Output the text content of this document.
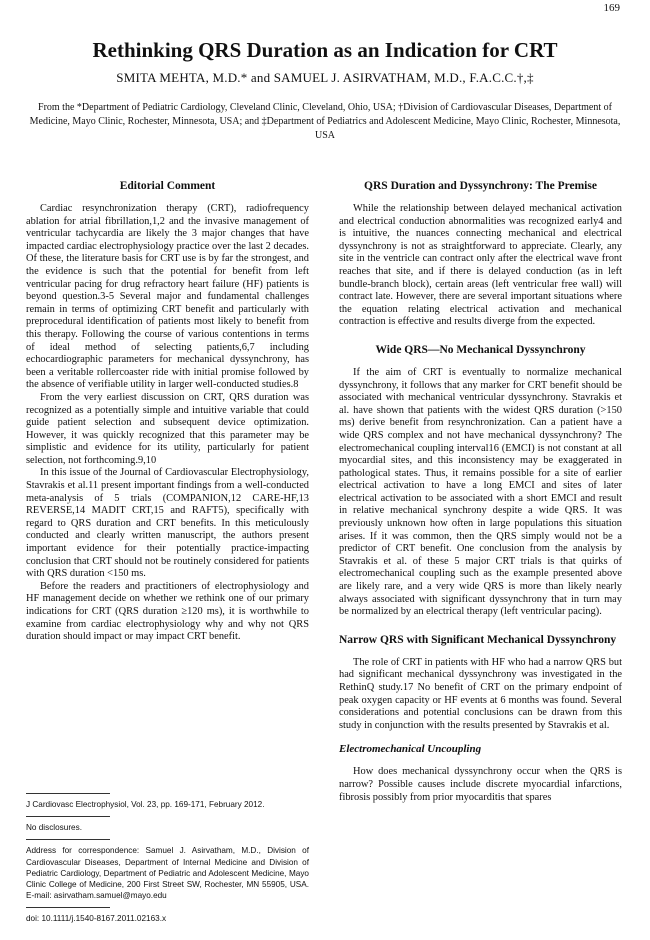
169
Rethinking QRS Duration as an Indication for CRT
SMITA MEHTA, M.D.* and SAMUEL J. ASIRVATHAM, M.D., F.A.C.C.†,‡
From the *Department of Pediatric Cardiology, Cleveland Clinic, Cleveland, Ohio, USA; †Division of Cardiovascular Diseases, Department of Medicine, Mayo Clinic, Rochester, Minnesota, USA; and ‡Department of Pediatrics and Adolescent Medicine, Mayo Clinic, Rochester, Minnesota, USA
Editorial Comment

Cardiac resynchronization therapy (CRT), radiofrequency ablation for atrial fibrillation,1,2 and the invasive management of ventricular tachycardia are likely the 3 major changes that have impacted cardiac electrophysiology practice over the last 2 decades. Of these, the literature basis for CRT use is by far the strongest, and the evidence is such that the potential for benefit from left ventricular pacing for drug refractory heart failure (HF) patients is beyond question.3-5 Several major and fundamental challenges remain in terms of optimizing CRT benefit and particularly with preprocedural identification of patients most likely to benefit from this therapy. Following the course of various contentions in terms of ideal method of selecting patients,6,7 including echocardiographic parameters for mechanical dyssynchrony, has been a veritable rollercoaster ride with initial promise followed by the absence of verifiable utility in larger well-conducted studies.8

From the very earliest discussion on CRT, QRS duration was recognized as a potentially simple and intuitive variable that could guide patient selection and subsequent device optimization. However, it was quickly recognized that this parameter may be simplistic and evidence for its utility, particularly for patient selection, not forthcoming.9,10

In this issue of the Journal of Cardiovascular Electrophysiology, Stavrakis et al.11 present important findings from a well-conducted meta-analysis of 5 trials (COMPANION,12 CARE-HF,13 REVERSE,14 MADIT CRT,15 and RAFT5), specifically with regard to QRS duration and CRT benefits. In this meticulously conducted and clearly written manuscript, the authors present important evidence for their potentially practice-impacting conclusion that CRT should not be routinely considered for patients with QRS duration <150 ms.

Before the readers and practitioners of electrophysiology and HF management decide on whether we rethink one of our primary indications for CRT (QRS duration ≥120 ms), it is worthwhile to examine from cardiac electrophysiology why and why not QRS duration should impact or may impact CRT benefit.

QRS Duration and Dyssynchrony: The Premise

While the relationship between delayed mechanical activation and electrical conduction abnormalities was recognized early4 and is intuitive, the nuances connecting mechanical and electrical dyssynchrony is not as straightforward to appreciate. Clearly, any site in the ventricle can contract only after the electrical wave front reaches that site, and if there is delayed conduction (as in left bundle-branch block), certain areas (left ventricular free wall) will contract late. However, there are several important situations where the equation relating electrical activation and mechanical contraction is effective and results diverge from the expected.

Wide QRS—No Mechanical Dyssynchrony

If the aim of CRT is eventually to normalize mechanical dyssynchrony, it follows that any marker for CRT benefit should be associated with mechanical ventricular dyssynchrony. Stavrakis et al. have shown that patients with the widest QRS duration (>150 ms) derive benefit from resynchronization. Can a patient have a wide QRS complex and not have mechanical dyssynchrony? The electromechanical coupling interval16 (EMCI) is not constant at all myocardial sites, and this inconsistency may be exaggerated in pathological states. Thus, it remains possible for a site of earlier electrical activation to have a long EMCI and sites of later electrical activation to be associated with a short EMCI and result in relative mechanical synchrony despite a wide QRS. It was previously unknown how often in large populations this situation arises. If it was common, then the QRS simply would not be a predictor of CRT benefit. One conclusion from the analysis by Stavrakis et al. of these 5 major CRT trials is that quirks of electromechanical coupling such as the example presented above are likely rare, and a very wide QRS is more than likely nearly always associated with significant dyssynchrony that in turn may be normalized by an electrical therapy (left ventricular pacing).

Narrow QRS with Significant Mechanical Dyssynchrony

The role of CRT in patients with HF who had a narrow QRS but had significant mechanical dyssynchrony was investigated in the RethinQ study.17 No benefit of CRT on the primary endpoint of peak oxygen capacity or HF events at 6 months was found. Several considerations and potential conclusions can be drawn from this study in conjunction with the results presented by Stavrakis et al.

Electromechanical Uncoupling

How does mechanical dyssynchrony occur when the QRS is narrow? Possible causes include discrete myocardial infarctions, fibrosis possibly from prior myocarditis that spares

J Cardiovasc Electrophysiol, Vol. 23, pp. 169-171, February 2012.

No disclosures.

Address for correspondence: Samuel J. Asirvatham, M.D., Division of Cardiovascular Diseases, Department of Internal Medicine and Division of Pediatric Cardiology, Department of Pediatric and Adolescent Medicine, Mayo Clinic College of Medicine, 200 First Street SW, Rochester, MN 55905, USA. E-mail: asirvatham.samuel@mayo.edu

doi: 10.1111/j.1540-8167.2011.02163.x
